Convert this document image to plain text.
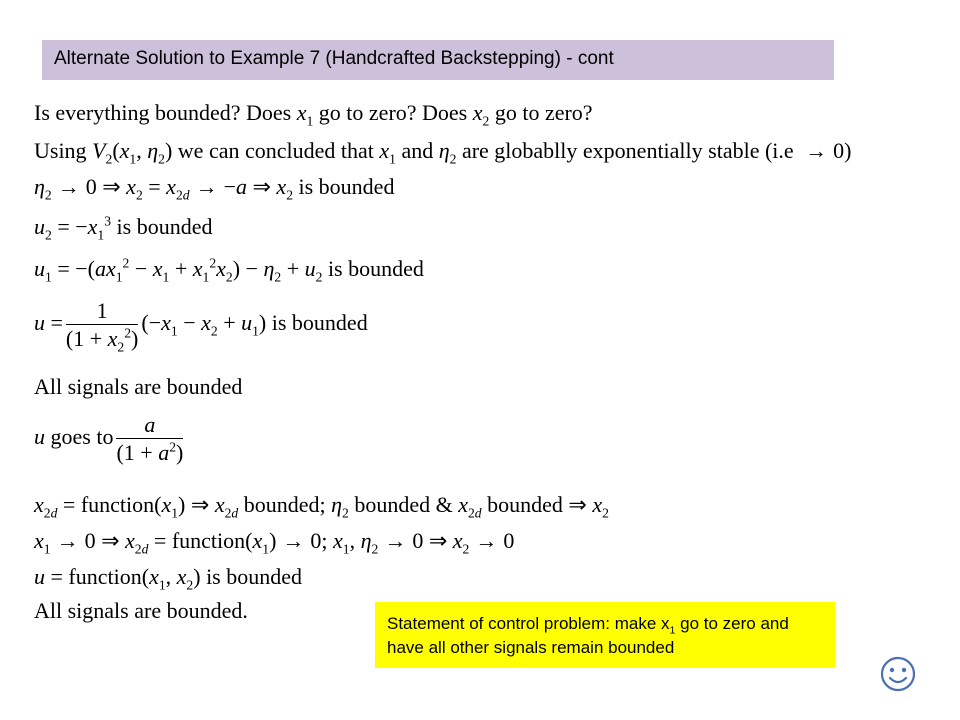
Alternate Solution to Example 7 (Handcrafted Backstepping) - cont
Is everything bounded? Does $x_1$ go to zero? Does $x_2$ go to zero?
Using $V_2(x_1$, $\eta_2$) we can concluded that $x_1$ and $\eta_2$ are globablly exponentially stable (i.e → 0)
$\eta_2 \to 0$ ⇒ $x_2 = x_{2d} \to -a$ ⇒ $x_2$ is bounded
$u_2 = -x_1^3$ is bounded
$u_1 = -(ax_1^2 - x_1 + x_1^2x_2) - \eta_2 + u_2$ is bounded
$u = \frac{1}{(1 + x_2^2)} (-x_1 - x_2 + u_1)$ is bounded
All signals are bounded
u goes to $\frac{a}{(1 + a^2)}$
$x_{2d}$ = $function(x_1)$ ⇒ $x_{2d}$ bounded; $\eta_2$ bounded & $x_{2d}$ bounded ⇒ $x_2$
$x_1 \to 0$ ⇒ $x_{2d}$ = $function(x_1) \to 0$; $x_1$, $\eta_2 \to 0$ ⇒ $x_2 \to 0$
$u = function(x_1$, $x_2$) is bounded
All signals are bounded.
Statement of control problem: make $x_1$ go to zero and have all other signals remain bounded
